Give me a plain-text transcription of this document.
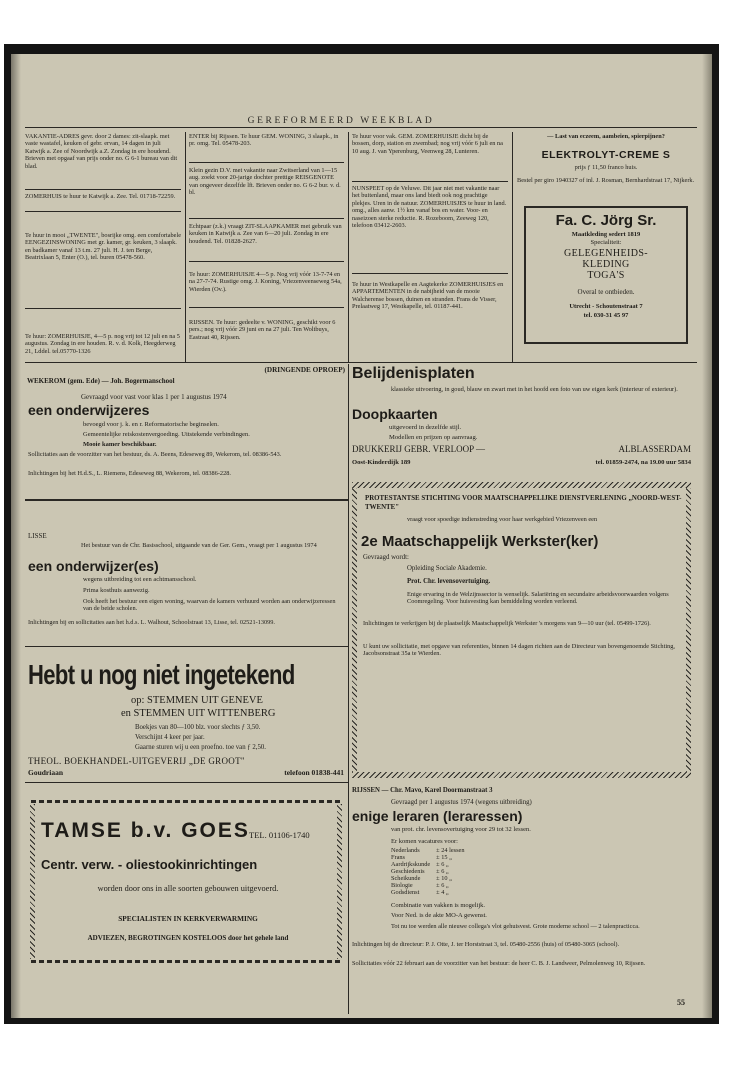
GEREFORMEERD WEEKBLAD

VAKANTIE-ADRES gevr. door 2 dames: zit-slaapk. met vaste wastafel, keuken of gebr. ervan, 14 dagen in juli Katwijk a. Zee of Noordwijk a.Z. Zondag in ere houdend. Brieven met opgaaf van prijs onder no. G 6-1 bureau van dit blad.

ZOMERHUIS te huur te Katwijk a. Zee. Tel. 01718-72259.

Te huur in mooi „TWENTE", bosrijke omg. een comfortabele EENGEZINSWONING met gr. kamer, gr. keuken, 3 slaapk. en badkamer vanaf 13 t.m. 27 juli. H. J. ten Berge, Beatrixlaan 5, Enter (O.), tel. buren 05478-560.

Te huur: ZOMERHUISJE, 4—5 p. nog vrij tot 12 juli en na 5 augustus. Zondag in ere houden. R. v. d. Kolk, Heegderweg 21, Lddel. tel.05770-1326

ENTER bij Rijssen. Te huur GEM. WONING, 3 slaapk., in pr. omg. Tel. 05478-203.

Klein gezin D.V. met vakantie naar Zwitserland van 1—15 aug. zoekt voor 20-jarige dochter prettige REISGENOTE van ongeveer dezelfde lft. Brieven onder no. G 6-2 bur. v. d. bl.

Echtpaar (z.k.) vraagt ZIT-SLAAPKAMER met gebruik van keuken in Katwijk a. Zee van 6—20 juli. Zondag in ere houdend. Tel. 01828-2627.

Te huur: ZOMERHUISJE 4—5 p. Nog vrij vóór 13-7-74 en na 27-7-74. Rustige omg. J. Koning, Vriezenveenseweg 54a, Wierden (Ov.).

RIJSSEN. Te huur: gedeelte v. WONING, geschikt voor 6 pers.; nog vrij vóór 29 juni en na 27 juli. Ten Woltbuys, Eastraat 40, Rijssen.

Te huur voor vak. GEM. ZOMERHUISJE dicht bij de bossen, dorp, station en zwembad; nog vrij vóór 6 juli en na 10 aug. J. van Yperenburg, Veenweg 28, Lunteren.

NUNSPEET op de Veluwe. Dit jaar niet met vakantie naar het buitenland, maar ons land biedt ook nog prachtige plekjes. Uren in de natuur. ZOMERHUISJES te huur in land. omg., alles aanw. 1½ km vanaf bos en water. Voor- en naseizoen sterke reductie. R. Rozeboom, Zeeweg 120, telefoon 03412-2603.

Te huur in Westkapelle en Aagtekerke ZOMERHUISJES en APPARTEMENTEN in de nabijheid van de mooie Walcherense bossen, duinen en stranden. Frans de Visser, Prelaatweg 17, Westkapelle, tel. 01187-441.

— Last van eczeem, aambeien, spierpijnen?

ELEKTROLYT-CREME S

prijs ƒ 11,50 franco huis.

Bestel per giro 1940327 of inl. J. Rosman, Bernhardstraat 17, Nijkerk.

Fa. C. Jörg Sr.
Maatkleding sedert 1819
Specialiteit:
GELEGENHEIDS-
KLEDING
TOGA'S
Overal te ontbieden.
Utrecht - Schoutenstraat 7
tel. 030-31 45 97
(DRINGENDE OPROEP)
WEKEROM (gem. Ede) — Joh. Bogermanschool
Gevraagd voor vast voor klas 1 per 1 augustus 1974
een onderwijzeres
bevoegd voor j. k. en r. Reformatorische beginselen.
Gemeentelijke reiskostenvergoeding. Uitstekende verbindingen.
Mooie kamer beschikbaar.

Sollicitaties aan de voorzitter van het bestuur, ds. A. Beens, Edeseweg 89, Wekerom, tel. 08386-543.

Inlichtingen bij het H.d.S., L. Riemens, Edeseweg 88, Wekerom, tel. 08386-228.

LISSE

Het bestuur van de Chr. Basisschool, uitgaande van de Ger. Gem., vraagt per 1 augustus 1974

een onderwijzer(es)
wegens uitbreiding tot een achtmansschool.
Prima kosthuis aanwezig.

Ook heeft het bestuur een eigen woning, waarvan de kamers verhuurd worden aan onderwijzeressen van de beide scholen.

Inlichtingen bij en sollicitaties aan het h.d.s. L. Walhout, Schoolstraat 13, Lisse, tel. 02521-13099.

Hebt u nog niet ingetekend
op: STEMMEN UIT GENEVE
en STEMMEN UIT WITTENBERG
Boekjes van 80—100 blz. voor slechts ƒ 3,50.
Verschijnt 4 keer per jaar.
Gaarne sturen wij u een proefno. toe van ƒ 2,50.
THEOL. BOEKHANDEL-UITGEVERIJ „DE GROOT"
Goudriaan	telefoon 01838-441
TAMSE b.v. GOES TEL. 01106-1740
Centr. verw. - oliestookinrichtingen
worden door ons in alle soorten gebouwen uitgevoerd.
SPECIALISTEN IN KERKVERWARMING
ADVIEZEN, BEGROTINGEN KOSTELOOS door het gehele land
Belijdenisplaten

klassieke uitvoering, in goud, blauw en zwart met in het hoofd een foto van uw eigen kerk (interieur of exterieur).

Doopkaarten
uitgevoerd in dezelfde stijl.
Modellen en prijzen op aanvraag.
DRUKKERIJ GEBR. VERLOOP —	ALBLASSERDAM
Oost-Kinderdijk 189	tel. 01859-2474, na 19.00 uur 5834

PROTESTANTSE STICHTING VOOR MAATSCHAPPELIJKE DIENSTVERLENING „NOORD-WEST-TWENTE"

vraagt voor spoedige indienstreding voor haar werkgebied Vriezenveen een

2e Maatschappelijk Werkster(ker)
Gevraagd wordt:
Opleiding Sociale Akademie.
Prot. Chr. levensovertuiging.

Enige ervaring in de Welzijnssector is wenselijk. Salariëring en secundaire arbeidsvoorwaarden volgens Coomregeling. Voor huisvesting kan bemiddeling worden verleend.

Inlichtingen te verkrijgen bij de plaatselijk Maatschappelijk Werkster 's morgens van 9—10 uur (tel. 05499-1726).

U kunt uw sollicitatie, met opgave van referenties, binnen 14 dagen richten aan de Directeur van bovengenoemde Stichting, Jacobsonstraat 35a te Wierden.

RIJSSEN — Chr. Mavo, Karel Doormanstraat 3
Gevraagd per 1 augustus 1974 (wegens uitbreiding)
enige leraren (leraressen)
van prot. chr. levensovertuiging voor 29 tot 32 lessen.
Er komen vacatures voor:
Nederlands	± 24 lessen
Frans	± 15 „
Aardrijkskunde	± 6 „
Geschiedenis	± 6 „
Scheikunde	± 10 „
Biologie	± 6 „
Godsdienst	± 4 „
Combinatie van vakken is mogelijk.
Voor Ned. is de akte MO-A gewenst.

Tot nu toe werden alle nieuwe collega's vlot gehuisvest. Grote moderne school — 2 talenpracticca.

Inlichtingen bij de directeur: P. J. Otte, J. ter Horststraat 3, tel. 05480-2556 (huis) of 05480-3065 (school).

Sollicitaties vóór 22 februari aan de voorzitter van het bestuur: de heer C. B. J. Landweer, Pelmolenweg 10, Rijssen.

55
